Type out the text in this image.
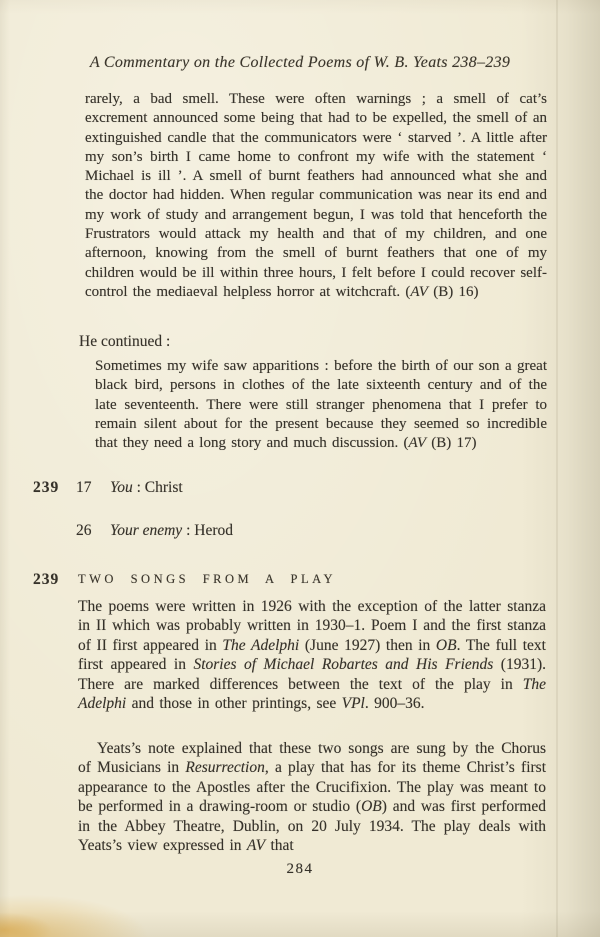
A Commentary on the Collected Poems of W. B. Yeats 238–239
rarely, a bad smell. These were often warnings ; a smell of cat’s excrement announced some being that had to be expelled, the smell of an extinguished candle that the communicators were ‘ starved ’. A little after my son’s birth I came home to confront my wife with the statement ‘ Michael is ill ’. A smell of burnt feathers had announced what she and the doctor had hidden. When regular communication was near its end and my work of study and arrangement begun, I was told that henceforth the Frustrators would attack my health and that of my children, and one afternoon, knowing from the smell of burnt feathers that one of my children would be ill within three hours, I felt before I could recover self-control the mediaeval helpless horror at witchcraft. (AV (B) 16)
He continued :
Sometimes my wife saw apparitions : before the birth of our son a great black bird, persons in clothes of the late sixteenth century and of the late seventeenth. There were still stranger phenomena that I prefer to remain silent about for the present because they seemed so incredible that they need a long story and much discussion. (AV (B) 17)
239 17 You : Christ
26 Your enemy : Herod
239 TWO SONGS FROM A PLAY
The poems were written in 1926 with the exception of the latter stanza in II which was probably written in 1930–1. Poem I and the first stanza of II first appeared in The Adelphi (June 1927) then in OB. The full text first appeared in Stories of Michael Robartes and His Friends (1931). There are marked differences between the text of the play in The Adelphi and those in other printings, see VPl. 900–36.
Yeats’s note explained that these two songs are sung by the Chorus of Musicians in Resurrection, a play that has for its theme Christ’s first appearance to the Apostles after the Crucifixion. The play was meant to be performed in a drawing-room or studio (OB) and was first performed in the Abbey Theatre, Dublin, on 20 July 1934. The play deals with Yeats’s view expressed in AV that
284
